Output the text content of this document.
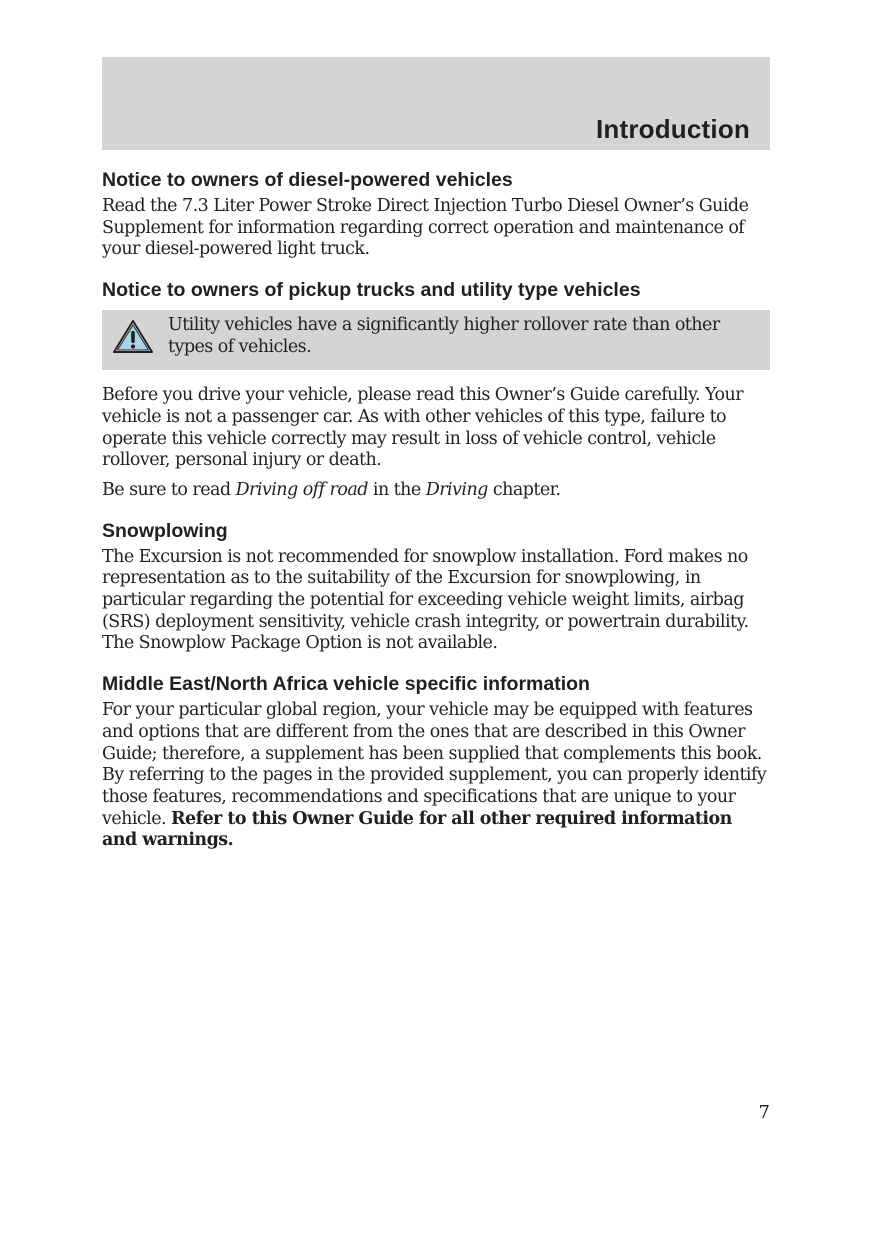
Introduction
Notice to owners of diesel-powered vehicles

Read the 7.3 Liter Power Stroke Direct Injection Turbo Diesel Owner’s Guide Supplement for information regarding correct operation and maintenance of your diesel-powered light truck.

Notice to owners of pickup trucks and utility type vehicles

Utility vehicles have a significantly higher rollover rate than other types of vehicles.

Before you drive your vehicle, please read this Owner’s Guide carefully. Your vehicle is not a passenger car. As with other vehicles of this type, failure to operate this vehicle correctly may result in loss of vehicle control, vehicle rollover, personal injury or death.

Be sure to read Driving off road in the Driving chapter.

Snowplowing

The Excursion is not recommended for snowplow installation. Ford makes no representation as to the suitability of the Excursion for snowplowing, in particular regarding the potential for exceeding vehicle weight limits, airbag (SRS) deployment sensitivity, vehicle crash integrity, or powertrain durability. The Snowplow Package Option is not available.

Middle East/North Africa vehicle specific information

For your particular global region, your vehicle may be equipped with features and options that are different from the ones that are described in this Owner Guide; therefore, a supplement has been supplied that complements this book. By referring to the pages in the provided supplement, you can properly identify those features, recommendations and specifications that are unique to your vehicle. Refer to this Owner Guide for all other required information and warnings.

7
